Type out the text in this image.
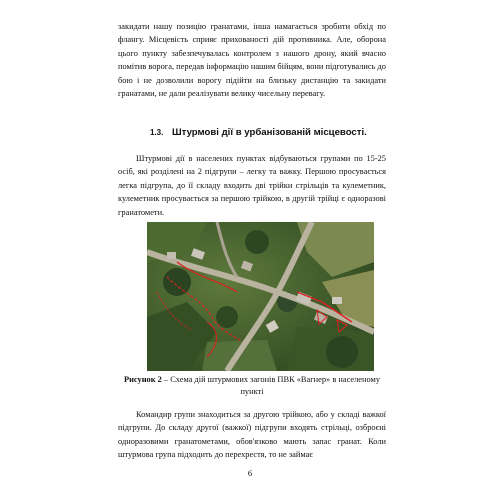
закидати нашу позицію гранатами, інша намагається зробити обхід по флангу. Місцевість сприяє прихованості дій противника. Але, оборона цього пункту забезпечувалась контролем з нашого дрону, який вчасно помітив ворога, передав інформацію нашим бійцям, вони підготувались до бою і не дозволили ворогу підійти на близьку дистанцію та закидати гранатами, не дали реалізувати велику чисельну перевагу.

1.3. Штурмові дії в урбанізованій місцевості.

Штурмові дії в населених пунктах відбуваються групами по 15-25 осіб, які розділені на 2 підгрупи – легку та важку. Першою просувається легка підгрупа, до її складу входить дві трійки стрільців та кулеметник, кулеметник просувається за першою трійкою, в другій трійці є одноразові гранатомети.

Рисунок 2 – Схема дій штурмових загонів ПВК «Вагнер» в населеному пункті

Командир групи знаходиться за другою трійкою, або у складі важкої підгрупи. До складу другої (важкої) підгрупи входять стрільці, озброєні одноразовими гранатометами, обов'язково мають запас гранат. Коли штурмова група підходить до перехрестя, то не займає

6
